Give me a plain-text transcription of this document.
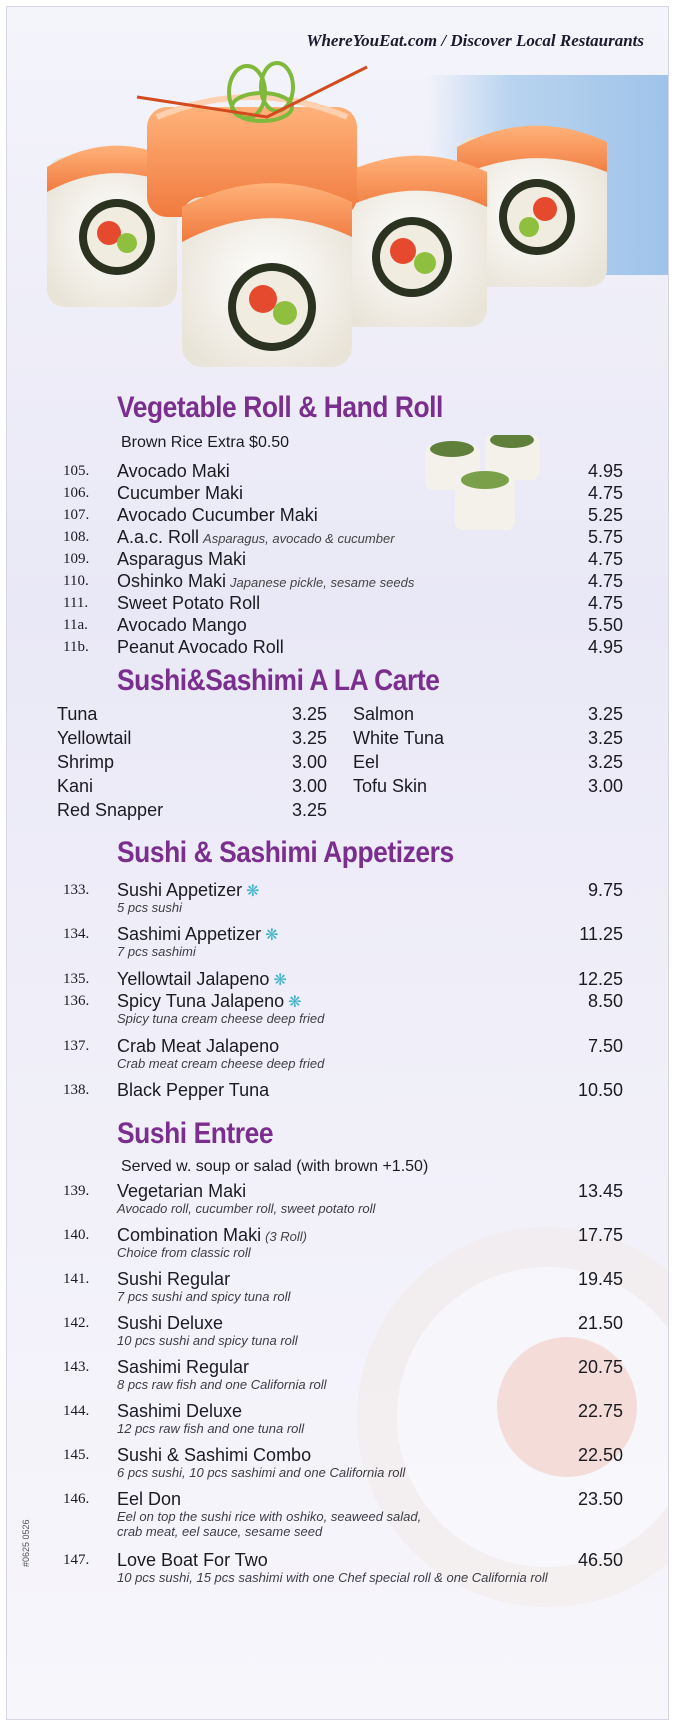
WhereYouEat.com / Discover Local Restaurants
Vegetable Roll & Hand Roll
Brown Rice Extra $0.50
105. Avocado Maki	4.95
106. Cucumber Maki	4.75
107. Avocado Cucumber Maki	5.25
108. A.a.c. Roll Asparagus, avocado & cucumber	5.75
109. Asparagus Maki	4.75
110. Oshinko Maki Japanese pickle, sesame seeds	4.75
111. Sweet Potato Roll	4.75
11a. Avocado Mango	5.50
11b. Peanut Avocado Roll	4.95
Sushi&Sashimi A LA Carte
Tuna	3.25
Yellowtail	3.25
Shrimp	3.00
Kani	3.00
Red Snapper	3.25
Salmon	3.25
White Tuna	3.25
Eel	3.25
Tofu Skin	3.00
Sushi & Sashimi Appetizers
133. Sushi Appetizer ❋	9.75
5 pcs sushi
134. Sashimi Appetizer ❋	11.25
7 pcs sashimi
135. Yellowtail Jalapeno ❋	12.25
136. Spicy Tuna Jalapeno ❋	8.50
Spicy tuna cream cheese deep fried
137. Crab Meat Jalapeno	7.50
Crab meat cream cheese deep fried
138. Black Pepper Tuna	10.50
Sushi Entree
Served w. soup or salad (with brown +1.50)
139. Vegetarian Maki	13.45
Avocado roll, cucumber roll, sweet potato roll
140. Combination Maki (3 Roll)	17.75
Choice from classic roll
141. Sushi Regular	19.45
7 pcs sushi and spicy tuna roll
142. Sushi Deluxe	21.50
10 pcs sushi and spicy tuna roll
143. Sashimi Regular	20.75
8 pcs raw fish and one California roll
144. Sashimi Deluxe	22.75
12 pcs raw fish and one tuna roll
145. Sushi & Sashimi Combo	22.50
6 pcs sushi, 10 pcs sashimi and one California roll
146. Eel Don	23.50
Eel on top the sushi rice with oshiko, seaweed salad, crab meat, eel sauce, sesame seed
147. Love Boat For Two	46.50
10 pcs sushi, 15 pcs sashimi with one Chef special roll & one California roll
#0625 0526
